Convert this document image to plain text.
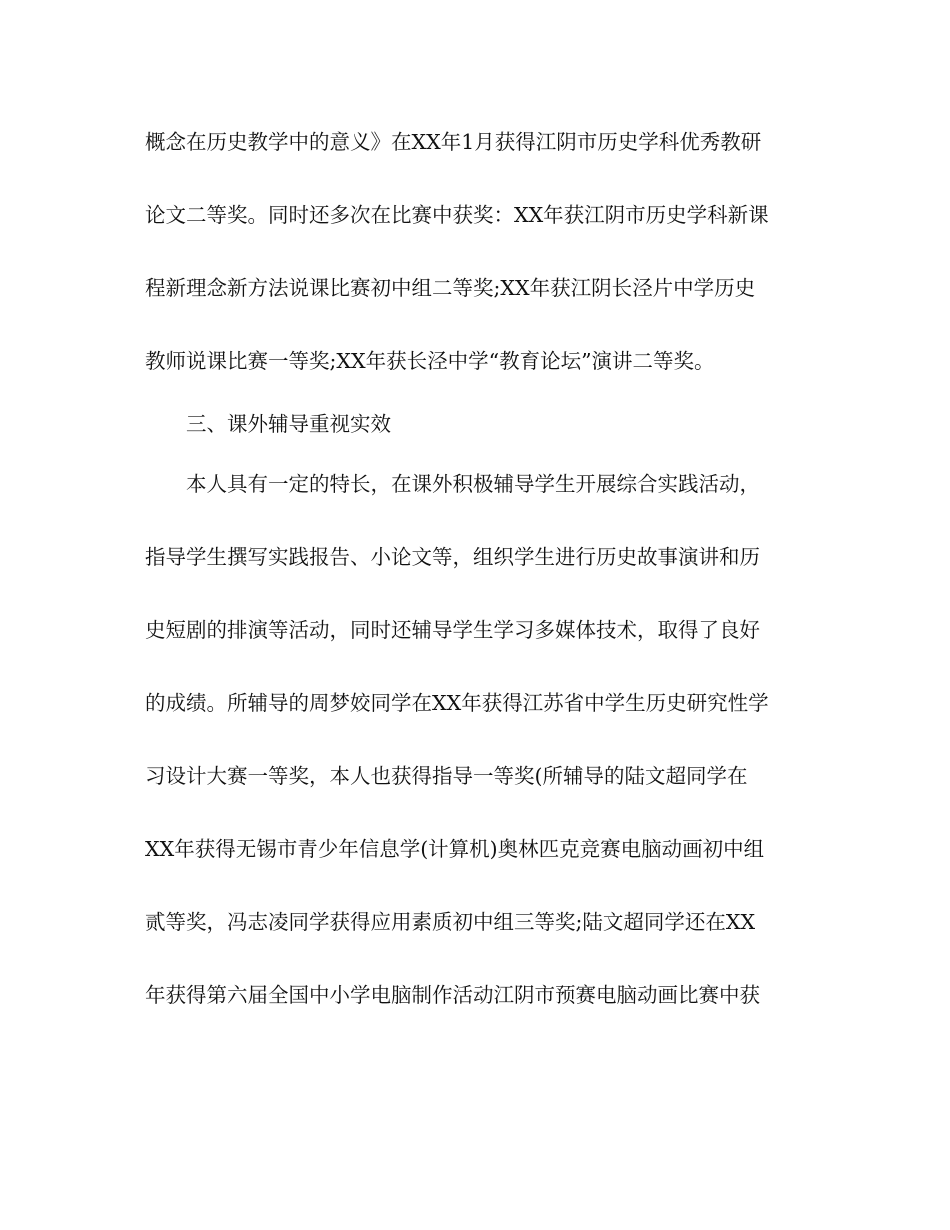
概念在历史教学中的意义》在XX年1月获得江阴市历史学科优秀教研
论文二等奖。同时还多次在比赛中获奖：XX年获江阴市历史学科新课
程新理念新方法说课比赛初中组二等奖;XX年获江阴长泾片中学历史
教师说课比赛一等奖;XX年获长泾中学“教育论坛”演讲二等奖。
三、课外辅导重视实效
本人具有一定的特长，在课外积极辅导学生开展综合实践活动，
指导学生撰写实践报告、小论文等，组织学生进行历史故事演讲和历
史短剧的排演等活动，同时还辅导学生学习多媒体技术，取得了良好
的成绩。所辅导的周梦姣同学在XX年获得江苏省中学生历史研究性学
习设计大赛一等奖，本人也获得指导一等奖(所辅导的陆文超同学在
XX年获得无锡市青少年信息学(计算机)奥林匹克竞赛电脑动画初中组
贰等奖，冯志凌同学获得应用素质初中组三等奖;陆文超同学还在XX
年获得第六届全国中小学电脑制作活动江阴市预赛电脑动画比赛中获
